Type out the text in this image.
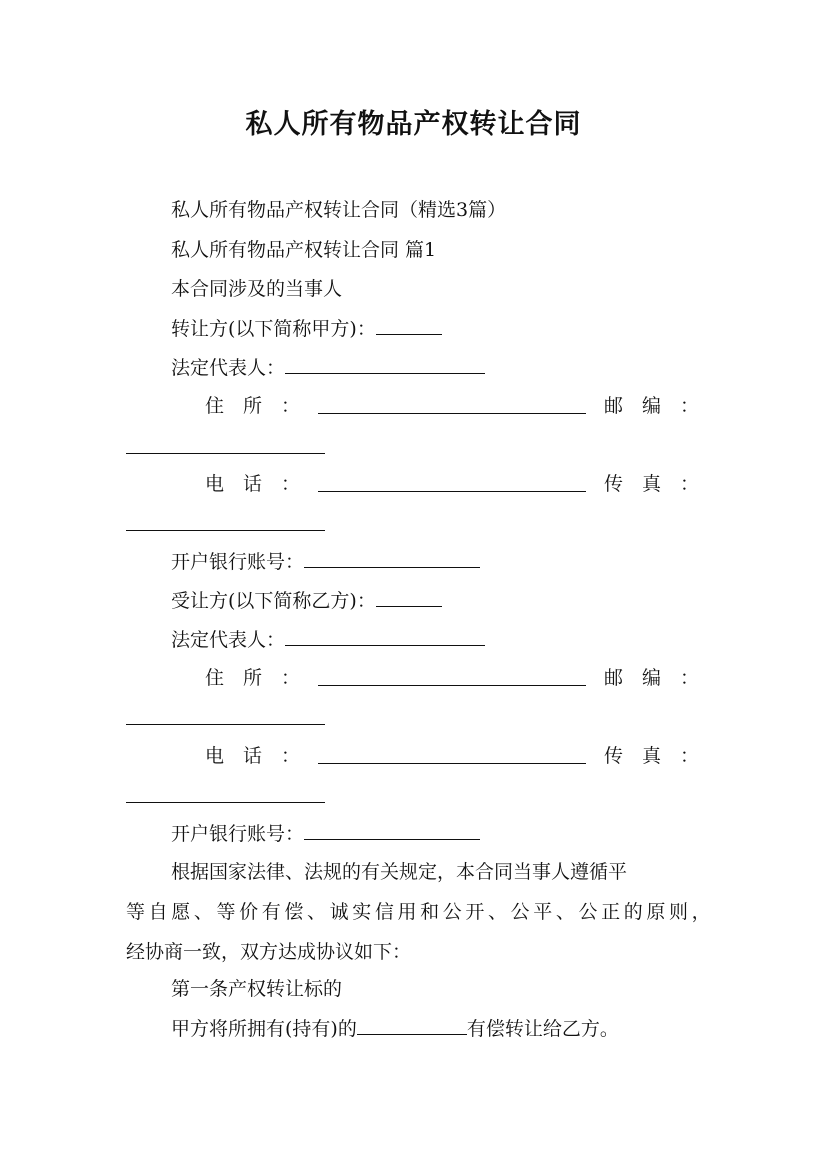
私人所有物品产权转让合同
私人所有物品产权转让合同（精选3篇）
私人所有物品产权转让合同 篇1
本合同涉及的当事人
转让方(以下简称甲方)：
法定代表人：
住　所　：	邮　编　：
电　话　：	传　真　：
开户银行账号：
受让方(以下简称乙方)：
法定代表人：
住　所　：	邮　编　：
电　话　：	传　真　：
开户银行账号：
根据国家法律、法规的有关规定，本合同当事人遵循平
等 自 愿 、 等 价 有 偿 、 诚 实 信 用 和 公 开 、 公 平 、 公 正 的 原 则 ，
经协商一致，双方达成协议如下：
第一条产权转让标的
甲方将所拥有(持有)的	有偿转让给乙方。
